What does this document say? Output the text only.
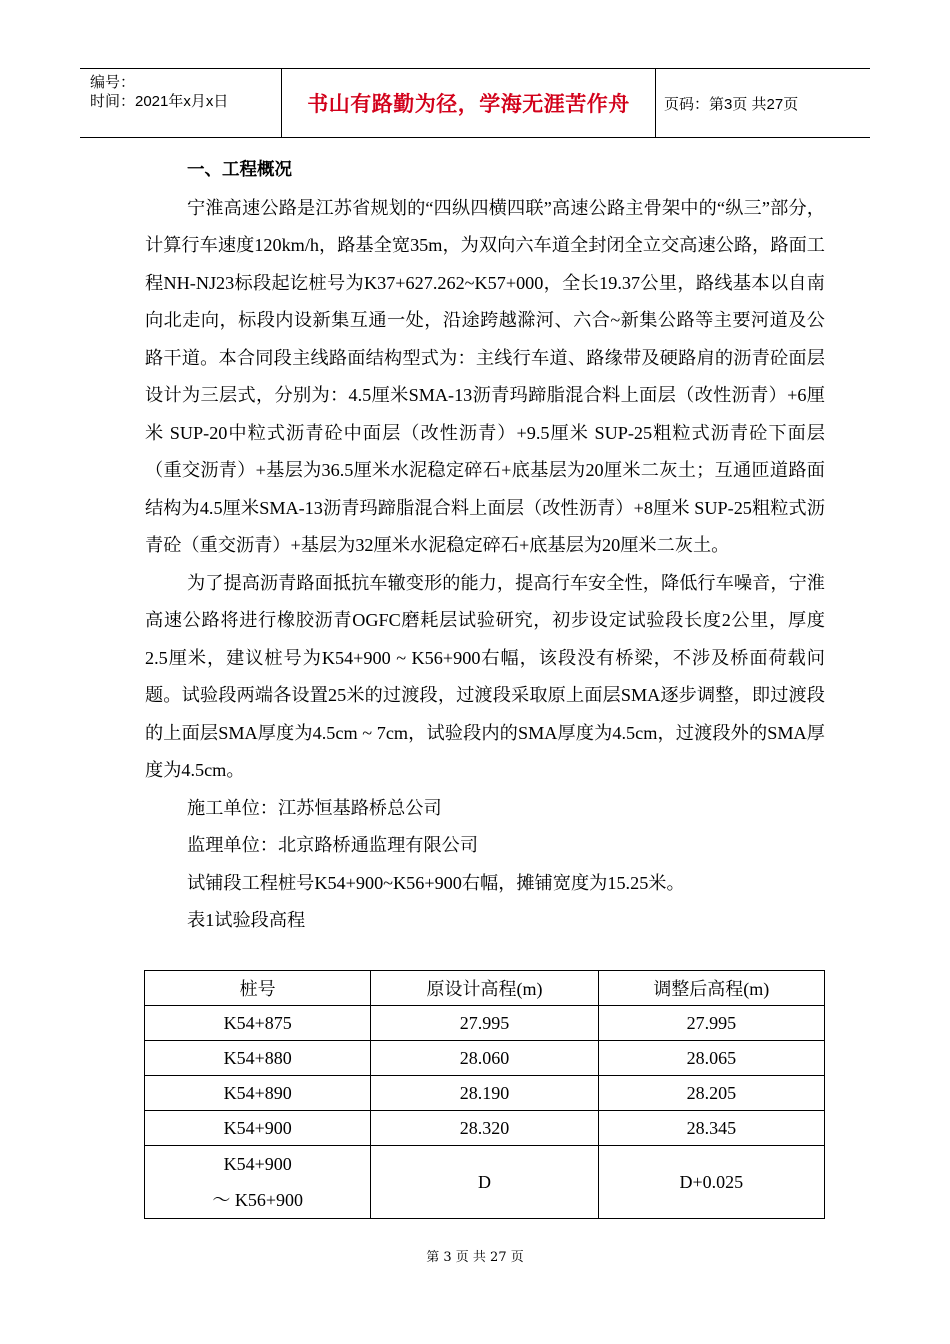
编号：
时间：2021年x月x日	书山有路勤为径，学海无涯苦作舟	页码：第3页 共27页
一、工程概况

宁淮高速公路是江苏省规划的“四纵四横四联”高速公路主骨架中的“纵三”部分，计算行车速度120km/h，路基全宽35m，为双向六车道全封闭全立交高速公路，路面工程NH-NJ23标段起讫桩号为K37+627.262~K57+000，全长19.37公里，路线基本以自南向北走向，标段内设新集互通一处，沿途跨越滁河、六合~新集公路等主要河道及公路干道。本合同段主线路面结构型式为：主线行车道、路缘带及硬路肩的沥青砼面层设计为三层式，分别为：4.5厘米SMA-13沥青玛蹄脂混合料上面层（改性沥青）+6厘米 SUP-20中粒式沥青砼中面层（改性沥青）+9.5厘米 SUP-25粗粒式沥青砼下面层（重交沥青）+基层为36.5厘米水泥稳定碎石+底基层为20厘米二灰土；互通匝道路面结构为4.5厘米SMA-13沥青玛蹄脂混合料上面层（改性沥青）+8厘米 SUP-25粗粒式沥青砼（重交沥青）+基层为32厘米水泥稳定碎石+底基层为20厘米二灰土。

为了提高沥青路面抵抗车辙变形的能力，提高行车安全性，降低行车噪音，宁淮高速公路将进行橡胶沥青OGFC磨耗层试验研究，初步设定试验段长度2公里，厚度2.5厘米，建议桩号为K54+900 ~ K56+900右幅，该段没有桥梁，不涉及桥面荷载问题。试验段两端各设置25米的过渡段，过渡段采取原上面层SMA逐步调整，即过渡段的上面层SMA厚度为4.5cm ~ 7cm，试验段内的SMA厚度为4.5cm，过渡段外的SMA厚度为4.5cm。

施工单位：江苏恒基路桥总公司

监理单位：北京路桥通监理有限公司

试铺段工程桩号K54+900~K56+900右幅，摊铺宽度为15.25米。

表1试验段高程

桩号	原设计高程(m)	调整后高程(m)
K54+875	27.995	27.995
K54+880	28.060	28.065
K54+890	28.190	28.205
K54+900	28.320	28.345

K54+900
～ K56+900	D	D+0.025
第 3 页 共 27 页
